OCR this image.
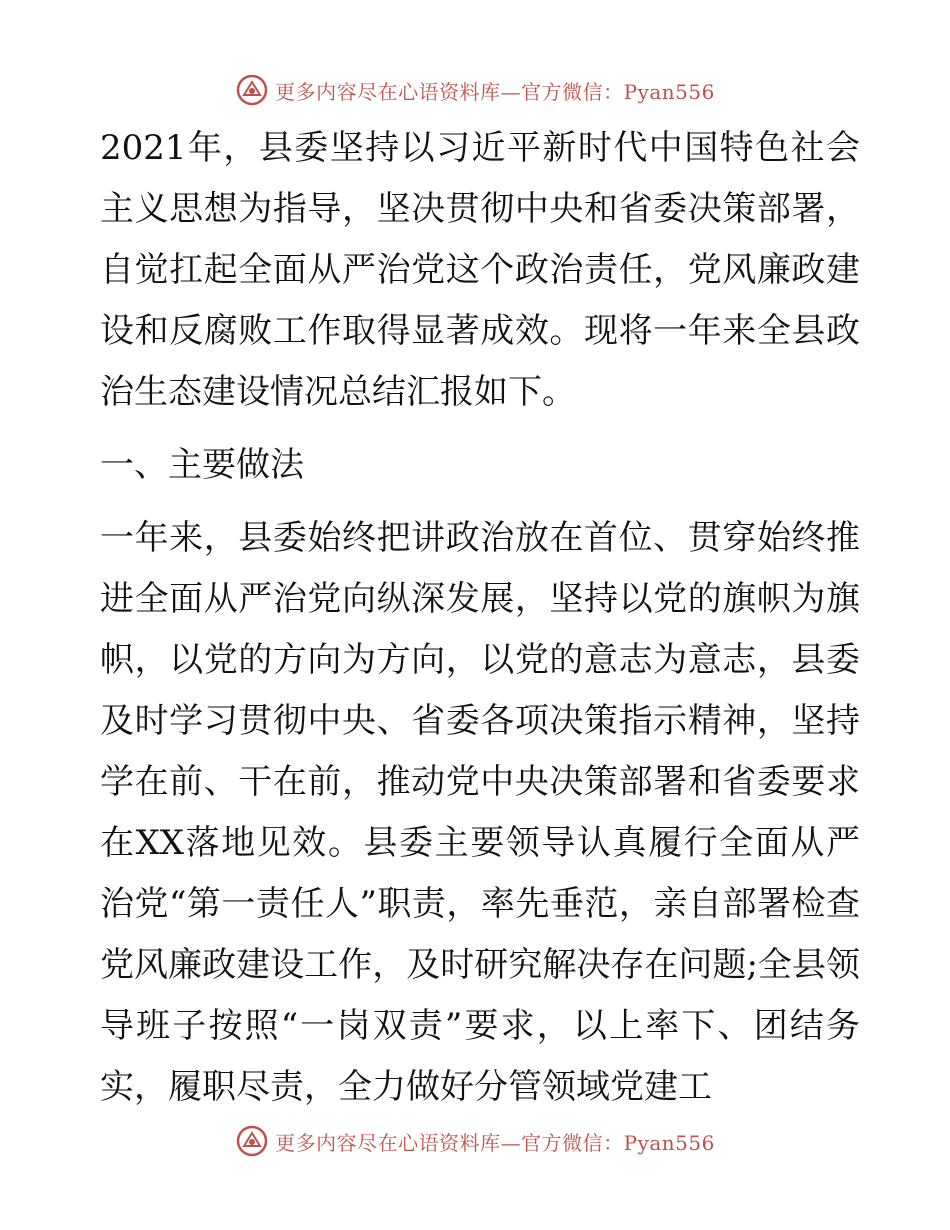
更多内容尽在心语资料库—官方微信：Pyan556

2021年，县委坚持以习近平新时代中国特色社会主义思想为指导，坚决贯彻中央和省委决策部署，自觉扛起全面从严治党这个政治责任，党风廉政建设和反腐败工作取得显著成效。现将一年来全县政治生态建设情况总结汇报如下。

一、主要做法

一年来，县委始终把讲政治放在首位、贯穿始终推进全面从严治党向纵深发展，坚持以党的旗帜为旗帜，以党的方向为方向，以党的意志为意志，县委及时学习贯彻中央、省委各项决策指示精神，坚持学在前、干在前，推动党中央决策部署和省委要求在XX落地见效。县委主要领导认真履行全面从严治党“第一责任人”职责，率先垂范，亲自部署检查党风廉政建设工作，及时研究解决存在问题;全县领导班子按照“一岗双责”要求，以上率下、团结务实，履职尽责，全力做好分管领域党建工

更多内容尽在心语资料库—官方微信：Pyan556
